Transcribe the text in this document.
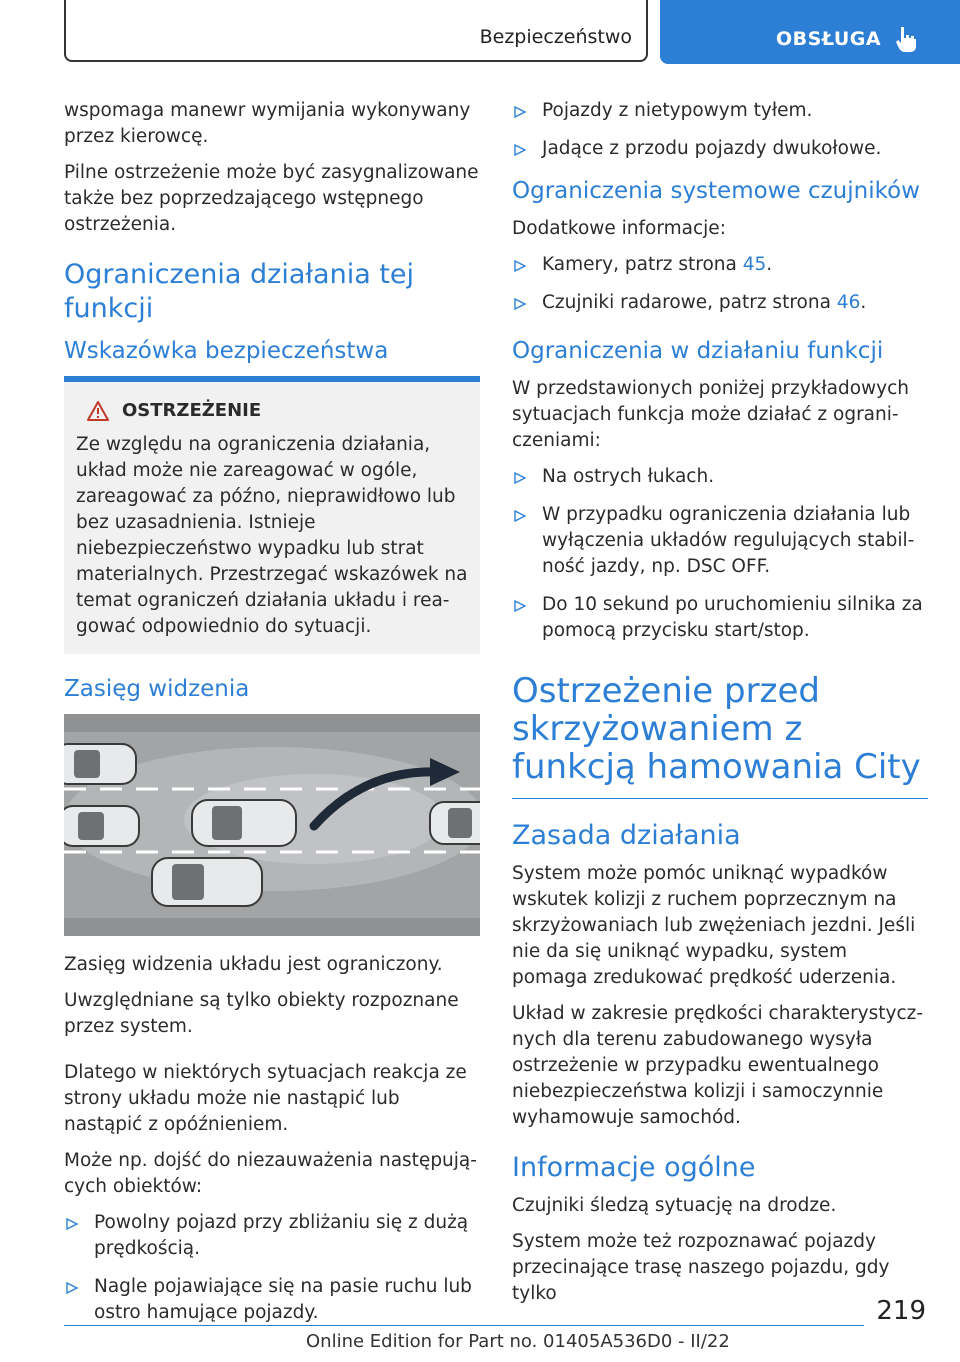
Bezpieczeństwo	OBSŁUGA

wspomaga manewr wymijania wykonywany przez kierowcę.

Pilne ostrzeżenie może być zasygnalizowane także bez poprzedzającego wstępnego ostrzeżenia.

Ograniczenia działania tej funkcji
Wskazówka bezpieczeństwa
OSTRZEŻENIE

Ze względu na ograniczenia działania, układ może nie zareagować w ogóle, zareagować za późno, nieprawidłowo lub bez uzasadnienia. Istnieje niebezpieczeństwo wypadku lub strat materialnych. Przestrzegać wskazówek na temat ograniczeń działania układu i reagować odpowiednio do sytuacji.

Zasięg widzenia

Zasięg widzenia układu jest ograniczony.

Uwzględniane są tylko obiekty rozpoznane przez system.

Dlatego w niektórych sytuacjach reakcja ze strony układu może nie nastąpić lub nastąpić z opóźnieniem.

Może np. dojść do niezauważenia następujących obiektów:

Powolny pojazd przy zbliżaniu się z dużą prędkością.
Nagle pojawiające się na pasie ruchu lub ostro hamujące pojazdy.
Pojazdy z nietypowym tyłem.
Jadące z przodu pojazdy dwukołowe.
Ograniczenia systemowe czujników

Dodatkowe informacje:

Kamery, patrz strona 45.
Czujniki radarowe, patrz strona 46.
Ograniczenia w działaniu funkcji

W przedstawionych poniżej przykładowych sytuacjach funkcja może działać z ograniczeniami:

Na ostrych łukach.
W przypadku ograniczenia działania lub wyłączenia układów regulujących stabilność jazdy, np. DSC OFF.
Do 10 sekund po uruchomieniu silnika za pomocą przycisku start/stop.
Ostrzeżenie przed skrzyżowaniem z funkcją hamowania City
Zasada działania

System może pomóc uniknąć wypadków wskutek kolizji z ruchem poprzecznym na skrzyżowaniach lub zwężeniach jezdni. Jeśli nie da się uniknąć wypadku, system pomaga zredukować prędkość uderzenia.

Układ w zakresie prędkości charakterystycznych dla terenu zabudowanego wysyła ostrzeżenie w przypadku ewentualnego niebezpieczeństwa kolizji i samoczynnie wyhamowuje samochód.

Informacje ogólne

Czujniki śledzą sytuację na drodze.

System może też rozpoznawać pojazdy przecinające trasę naszego pojazdu, gdy tylko

219
Online Edition for Part no. 01405A536D0 - II/22
